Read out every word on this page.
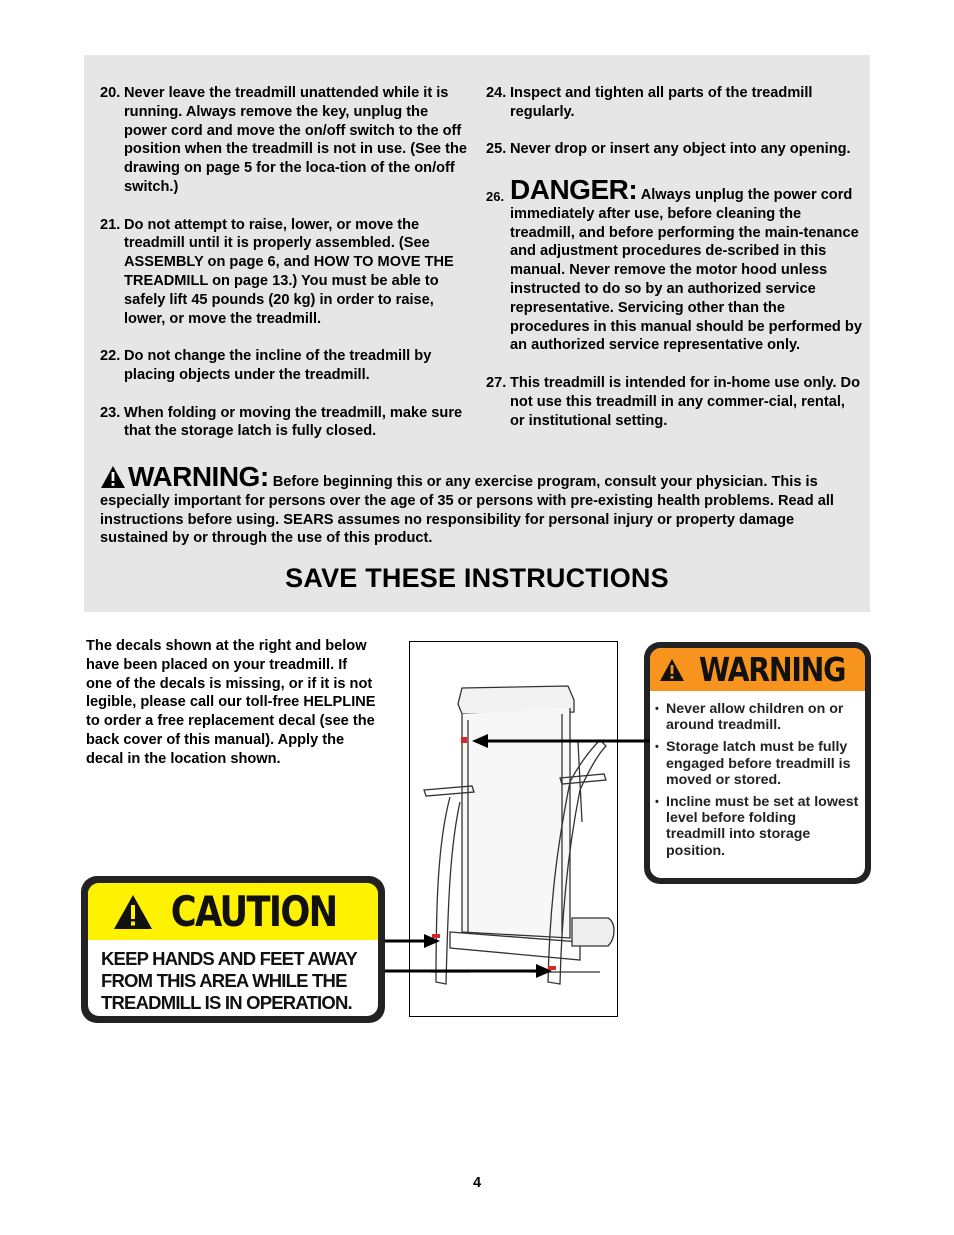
20. Never leave the treadmill unattended while it is running. Always remove the key, unplug the power cord and move the on/off switch to the off position when the treadmill is not in use. (See the drawing on page 5 for the loca-tion of the on/off switch.)
21. Do not attempt to raise, lower, or move the treadmill until it is properly assembled. (See ASSEMBLY on page 6, and HOW TO MOVE THE TREADMILL on page 13.) You must be able to safely lift 45 pounds (20 kg) in order to raise, lower, or move the treadmill.
22. Do not change the incline of the treadmill by placing objects under the treadmill.
23. When folding or moving the treadmill, make sure that the storage latch is fully closed.
24. Inspect and tighten all parts of the treadmill regularly.
25. Never drop or insert any object into any opening.
26. DANGER: Always unplug the power cord immediately after use, before cleaning the treadmill, and before performing the main-tenance and adjustment procedures de-scribed in this manual. Never remove the motor hood unless instructed to do so by an authorized service representative. Servicing other than the procedures in this manual should be performed by an authorized service representative only.
27. This treadmill is intended for in-home use only. Do not use this treadmill in any commer-cial, rental, or institutional setting.
WARNING: Before beginning this or any exercise program, consult your physician. This is especially important for persons over the age of 35 or persons with pre-existing health problems. Read all instructions before using. SEARS assumes no responsibility for personal injury or property damage sustained by or through the use of this product.
SAVE THESE INSTRUCTIONS
The decals shown at the right and below have been placed on your treadmill. If one of the decals is missing, or if it is not legible, please call our toll-free HELPLINE to order a free replacement decal (see the back cover of this manual). Apply the decal in the location shown.
WARNING
• Never allow children on or around treadmill.
• Storage latch must be fully engaged before treadmill is moved or stored.
• Incline must be set at lowest level before folding treadmill into storage position.
CAUTION
KEEP HANDS AND FEET AWAY FROM THIS AREA WHILE THE TREADMILL IS IN OPERATION.
4
